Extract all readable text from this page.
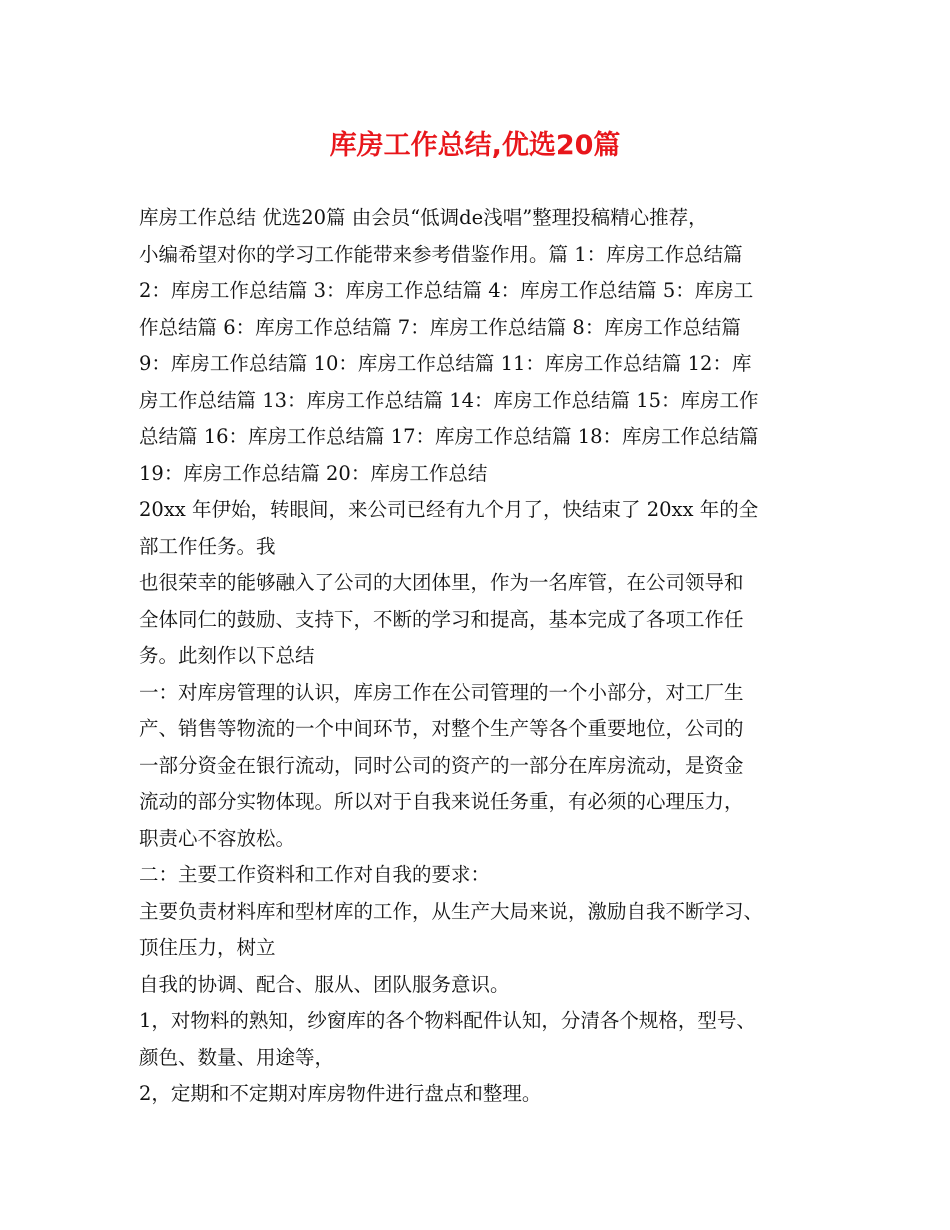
库房工作总结,优选20篇
库房工作总结 优选20篇 由会员“低调de浅唱”整理投稿精心推荐，
小编希望对你的学习工作能带来参考借鉴作用。篇 1：库房工作总结篇
2：库房工作总结篇 3：库房工作总结篇 4：库房工作总结篇 5：库房工
作总结篇 6：库房工作总结篇 7：库房工作总结篇 8：库房工作总结篇
9：库房工作总结篇 10：库房工作总结篇 11：库房工作总结篇 12：库
房工作总结篇 13：库房工作总结篇 14：库房工作总结篇 15：库房工作
总结篇 16：库房工作总结篇 17：库房工作总结篇 18：库房工作总结篇
19：库房工作总结篇 20：库房工作总结
20xx 年伊始，转眼间，来公司已经有九个月了，快结束了 20xx 年的全
部工作任务。我
也很荣幸的能够融入了公司的大团体里，作为一名库管，在公司领导和
全体同仁的鼓励、支持下，不断的学习和提高，基本完成了各项工作任
务。此刻作以下总结
一：对库房管理的认识，库房工作在公司管理的一个小部分，对工厂生
产、销售等物流的一个中间环节，对整个生产等各个重要地位，公司的
一部分资金在银行流动，同时公司的资产的一部分在库房流动，是资金
流动的部分实物体现。所以对于自我来说任务重，有必须的心理压力，
职责心不容放松。
二：主要工作资料和工作对自我的要求：
主要负责材料库和型材库的工作，从生产大局来说，激励自我不断学习、
顶住压力，树立
自我的协调、配合、服从、团队服务意识。
1，对物料的熟知，纱窗库的各个物料配件认知，分清各个规格，型号、
颜色、数量、用途等，
2，定期和不定期对库房物件进行盘点和整理。
